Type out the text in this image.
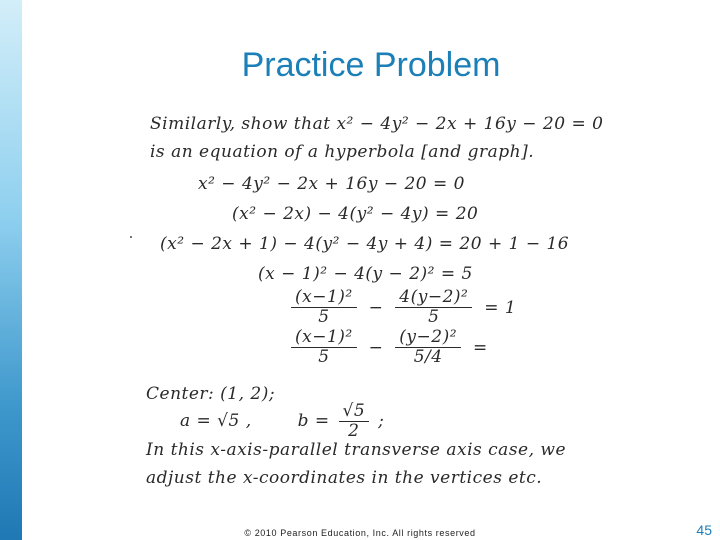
Practice Problem
Similarly, show that x² − 4y² − 2x + 16y − 20 = 0
is an equation of a hyperbola [and graph].
x² − 4y² − 2x + 16y − 20 = 0
(x² − 2x) − 4(y² − 4y) = 20
(x² − 2x + 1) − 4(y² − 4y + 4) = 20 + 1 − 16
(x − 1)² − 4(y − 2)² = 5
$\frac{\text{(x−1)²}}{5} - \frac{\text{4(y−2)²}}{5} = 1$
$\frac{\text{(x−1)²}}{5} - \frac{\text{(y−2)²}}{5/4}$ =
Center: (1, 2);
a = √5 ,	$b = \frac{√5}{2}$ ;
In this x-axis-parallel transverse axis case, we
adjust the x-coordinates in the vertices etc.
© 2010 Pearson Education, Inc. All rights reserved	45
